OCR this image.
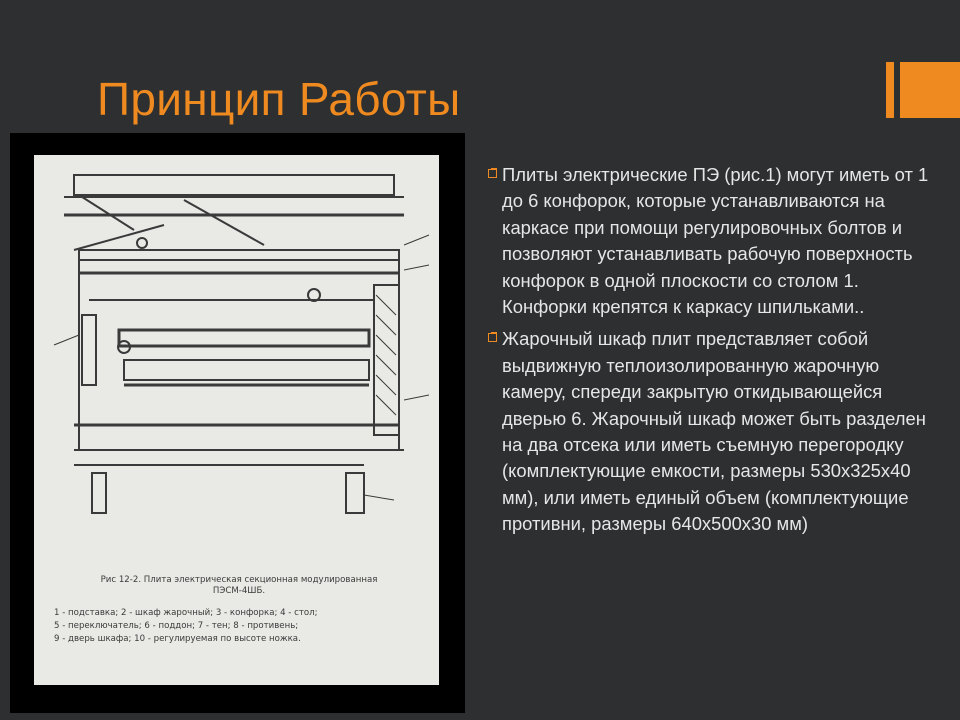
Принцип Работы
Рис 12-2. Плита электрическая секционная модулированная
ПЭСМ-4ШБ.
1 - подставка; 2 - шкаф жарочный; 3 - конфорка; 4 - стол;
5 - переключатель; 6 - поддон; 7 - тен; 8 - противень;
9 - дверь шкафа; 10 - регулируемая по высоте ножка.
Плиты электрические ПЭ (рис.1) могут иметь от 1 до 6 конфорок, которые устанавливаются на каркасе при помощи регулировочных болтов и позволяют устанавливать рабочую поверхность конфорок в одной плоскости со столом 1. Конфорки крепятся к каркасу шпильками..
Жарочный шкаф плит представляет собой выдвижную теплоизолированную жарочную камеру, спереди закрытую откидывающейся дверью 6. Жарочный шкаф может быть разделен на два отсека или иметь съемную перегородку (комплектующие емкости, размеры 530х325х40 мм), или иметь единый объем (комплектующие противни, размеры 640х500х30 мм)
